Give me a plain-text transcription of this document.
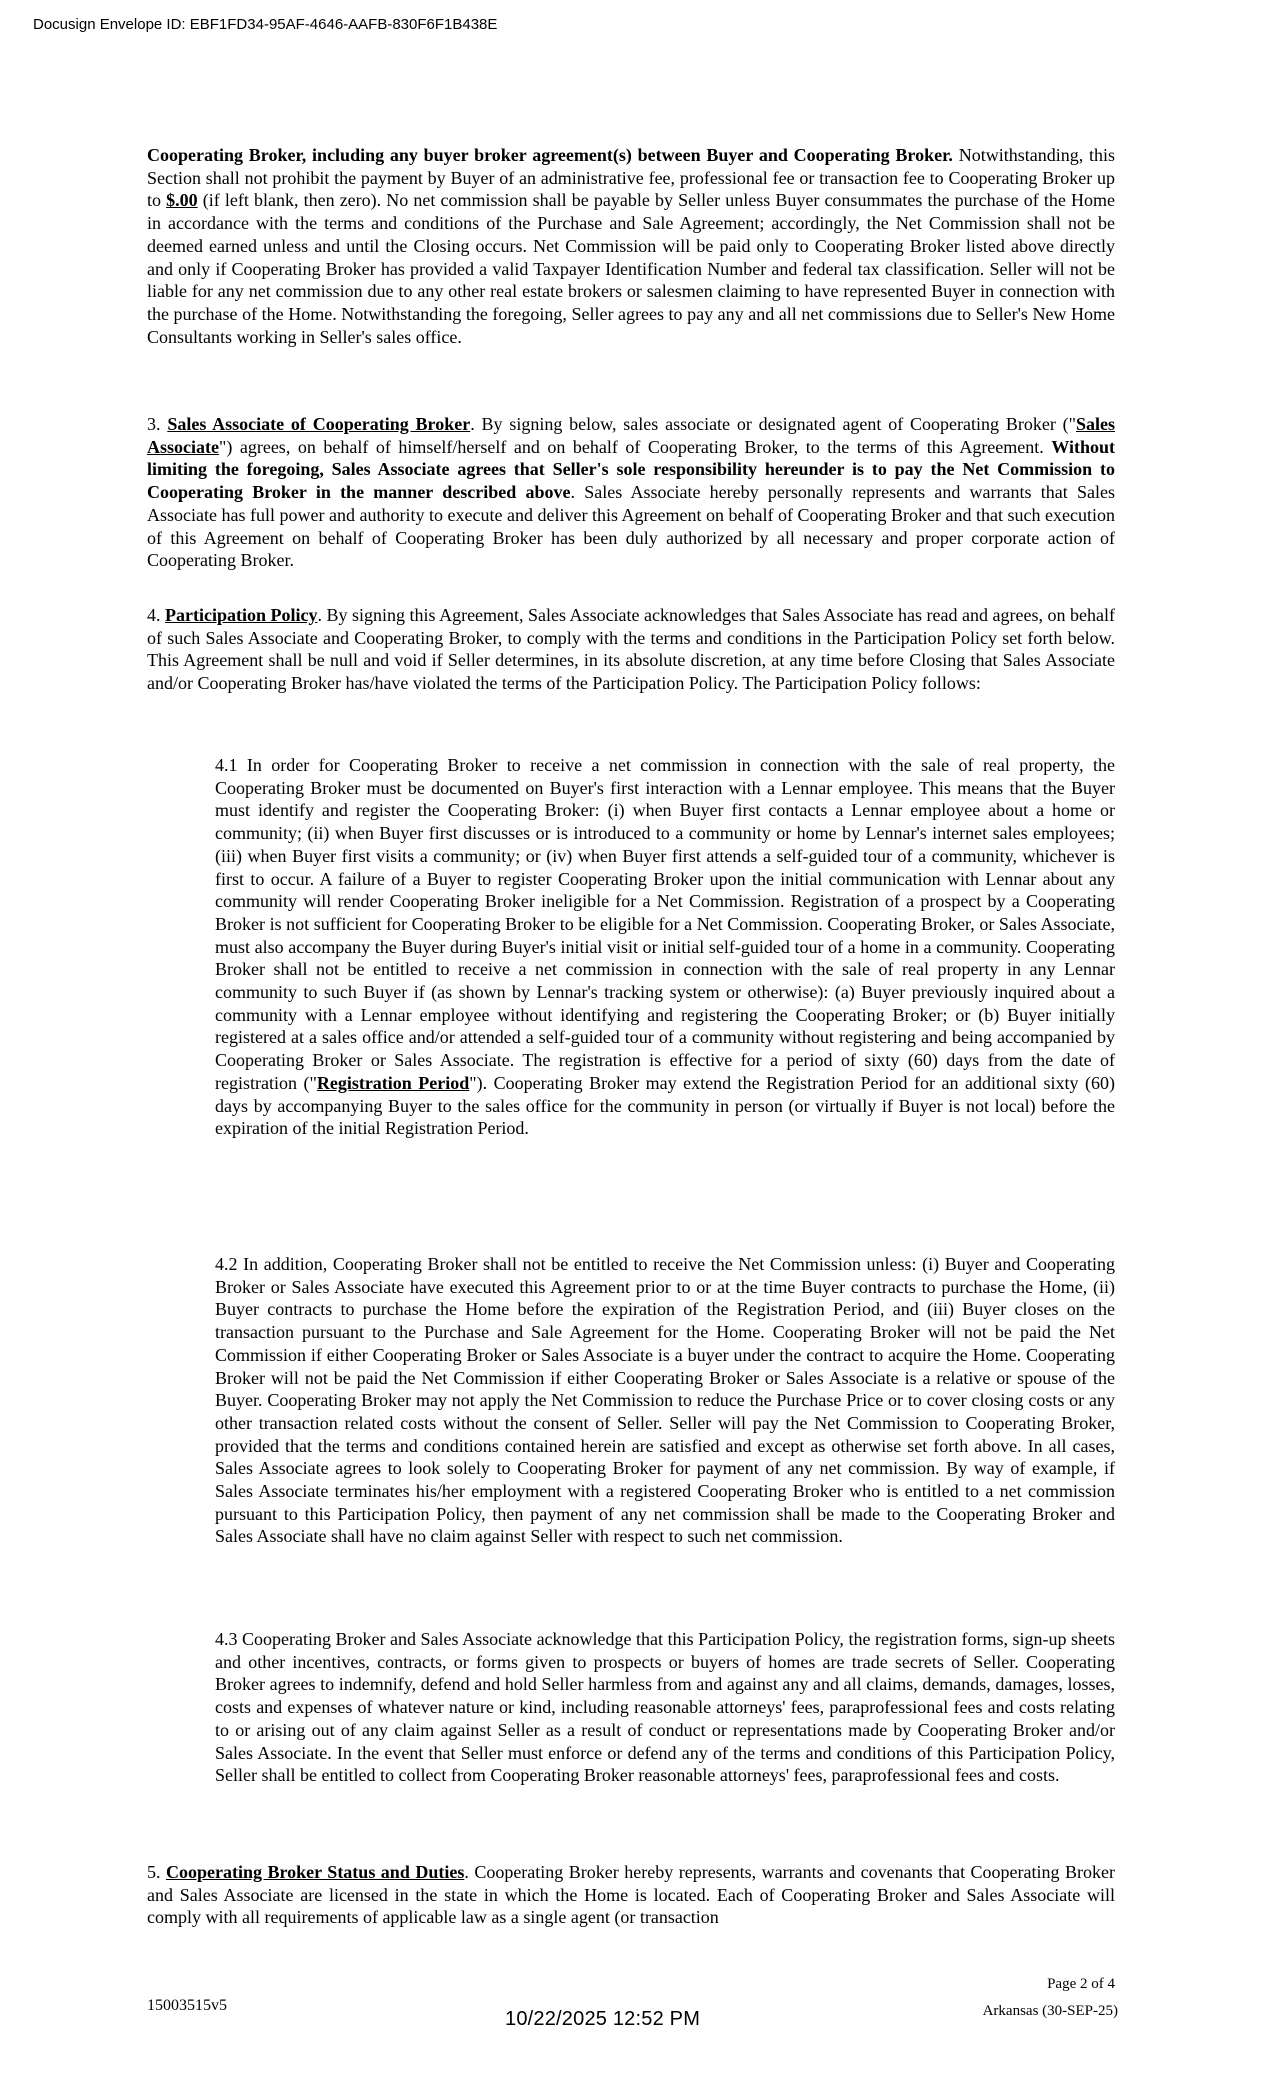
Docusign Envelope ID: EBF1FD34-95AF-4646-AAFB-830F6F1B438E

Cooperating Broker, including any buyer broker agreement(s) between Buyer and Cooperating Broker. Notwithstanding, this Section shall not prohibit the payment by Buyer of an administrative fee, professional fee or transaction fee to Cooperating Broker up to $.00 (if left blank, then zero). No net commission shall be payable by Seller unless Buyer consummates the purchase of the Home in accordance with the terms and conditions of the Purchase and Sale Agreement; accordingly, the Net Commission shall not be deemed earned unless and until the Closing occurs. Net Commission will be paid only to Cooperating Broker listed above directly and only if Cooperating Broker has provided a valid Taxpayer Identification Number and federal tax classification. Seller will not be liable for any net commission due to any other real estate brokers or salesmen claiming to have represented Buyer in connection with the purchase of the Home. Notwithstanding the foregoing, Seller agrees to pay any and all net commissions due to Seller's New Home Consultants working in Seller's sales office.

3. Sales Associate of Cooperating Broker. By signing below, sales associate or designated agent of Cooperating Broker ("Sales Associate") agrees, on behalf of himself/herself and on behalf of Cooperating Broker, to the terms of this Agreement. Without limiting the foregoing, Sales Associate agrees that Seller's sole responsibility hereunder is to pay the Net Commission to Cooperating Broker in the manner described above. Sales Associate hereby personally represents and warrants that Sales Associate has full power and authority to execute and deliver this Agreement on behalf of Cooperating Broker and that such execution of this Agreement on behalf of Cooperating Broker has been duly authorized by all necessary and proper corporate action of Cooperating Broker.

4. Participation Policy. By signing this Agreement, Sales Associate acknowledges that Sales Associate has read and agrees, on behalf of such Sales Associate and Cooperating Broker, to comply with the terms and conditions in the Participation Policy set forth below. This Agreement shall be null and void if Seller determines, in its absolute discretion, at any time before Closing that Sales Associate and/or Cooperating Broker has/have violated the terms of the Participation Policy. The Participation Policy follows:

4.1 In order for Cooperating Broker to receive a net commission in connection with the sale of real property, the Cooperating Broker must be documented on Buyer's first interaction with a Lennar employee. This means that the Buyer must identify and register the Cooperating Broker: (i) when Buyer first contacts a Lennar employee about a home or community; (ii) when Buyer first discusses or is introduced to a community or home by Lennar's internet sales employees; (iii) when Buyer first visits a community; or (iv) when Buyer first attends a self-guided tour of a community, whichever is first to occur. A failure of a Buyer to register Cooperating Broker upon the initial communication with Lennar about any community will render Cooperating Broker ineligible for a Net Commission. Registration of a prospect by a Cooperating Broker is not sufficient for Cooperating Broker to be eligible for a Net Commission. Cooperating Broker, or Sales Associate, must also accompany the Buyer during Buyer's initial visit or initial self-guided tour of a home in a community. Cooperating Broker shall not be entitled to receive a net commission in connection with the sale of real property in any Lennar community to such Buyer if (as shown by Lennar's tracking system or otherwise): (a) Buyer previously inquired about a community with a Lennar employee without identifying and registering the Cooperating Broker; or (b) Buyer initially registered at a sales office and/or attended a self-guided tour of a community without registering and being accompanied by Cooperating Broker or Sales Associate. The registration is effective for a period of sixty (60) days from the date of registration ("Registration Period"). Cooperating Broker may extend the Registration Period for an additional sixty (60) days by accompanying Buyer to the sales office for the community in person (or virtually if Buyer is not local) before the expiration of the initial Registration Period.

4.2 In addition, Cooperating Broker shall not be entitled to receive the Net Commission unless: (i) Buyer and Cooperating Broker or Sales Associate have executed this Agreement prior to or at the time Buyer contracts to purchase the Home, (ii) Buyer contracts to purchase the Home before the expiration of the Registration Period, and (iii) Buyer closes on the transaction pursuant to the Purchase and Sale Agreement for the Home. Cooperating Broker will not be paid the Net Commission if either Cooperating Broker or Sales Associate is a buyer under the contract to acquire the Home. Cooperating Broker will not be paid the Net Commission if either Cooperating Broker or Sales Associate is a relative or spouse of the Buyer. Cooperating Broker may not apply the Net Commission to reduce the Purchase Price or to cover closing costs or any other transaction related costs without the consent of Seller. Seller will pay the Net Commission to Cooperating Broker, provided that the terms and conditions contained herein are satisfied and except as otherwise set forth above. In all cases, Sales Associate agrees to look solely to Cooperating Broker for payment of any net commission. By way of example, if Sales Associate terminates his/her employment with a registered Cooperating Broker who is entitled to a net commission pursuant to this Participation Policy, then payment of any net commission shall be made to the Cooperating Broker and Sales Associate shall have no claim against Seller with respect to such net commission.

4.3 Cooperating Broker and Sales Associate acknowledge that this Participation Policy, the registration forms, sign-up sheets and other incentives, contracts, or forms given to prospects or buyers of homes are trade secrets of Seller. Cooperating Broker agrees to indemnify, defend and hold Seller harmless from and against any and all claims, demands, damages, losses, costs and expenses of whatever nature or kind, including reasonable attorneys' fees, paraprofessional fees and costs relating to or arising out of any claim against Seller as a result of conduct or representations made by Cooperating Broker and/or Sales Associate. In the event that Seller must enforce or defend any of the terms and conditions of this Participation Policy, Seller shall be entitled to collect from Cooperating Broker reasonable attorneys' fees, paraprofessional fees and costs.

5. Cooperating Broker Status and Duties. Cooperating Broker hereby represents, warrants and covenants that Cooperating Broker and Sales Associate are licensed in the state in which the Home is located. Each of Cooperating Broker and Sales Associate will comply with all requirements of applicable law as a single agent (or transaction

15003515v5
10/22/2025 12:52 PM
Page 2 of 4
Arkansas (30-SEP-25)
